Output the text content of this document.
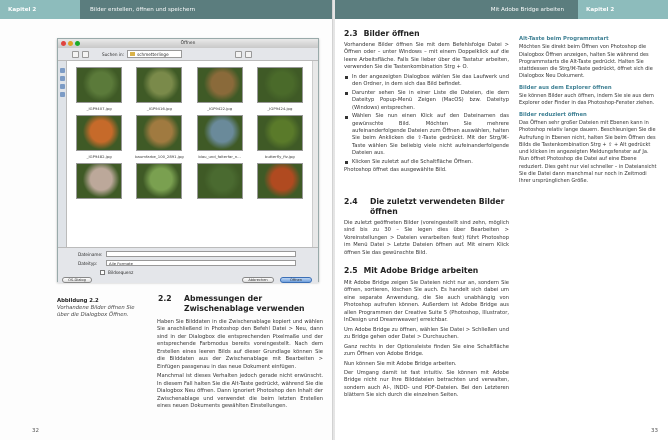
Kapitel 2	Bilder erstellen, öffnen und speichern
Öffnen
Suchen in:	schmetterlinge
_IGP9407.jpg	_IGP9416.jpg	_IGP9422.jpg	_IGP9424.jpg
_IGP9482.jpg	baumfarbe_100_2891.jpg	blau_und_falterfar_n...	butterfly_fiv.jpg
Dateiname:
Dateityp:	Alle Formate
Bildsequenz
OS-Dialog	Abbrechen	Öffnen
Abbildung 2.2
Vorhandene Bilder öffnen Sie über die Dialogbox Öffnen.
2.2	Abmessungen der Zwischenablage verwenden

Haben Sie Bilddaten in die Zwischenablage kopiert und wählen Sie anschließend in Photoshop den Befehl Datei > Neu, dann sind in der Dialogbox die entsprechenden Pixelmaße und der entsprechende Farbmodus bereits voreingestellt. Nach dem Erstellen eines leeren Bilds auf dieser Grundlage können Sie die Bilddaten aus der Zwischenablage mit Bearbeiten > Einfügen passgenau in das neue Dokument einfügen.

Manchmal ist dieses Verhalten jedoch gerade nicht erwünscht. In diesem Fall halten Sie die Alt-Taste gedrückt, während Sie die Dialogbox Neu öffnen. Dann ignoriert Photoshop den Inhalt der Zwischenablage und verwendet die beim letzten Erstellen eines neuen Dokuments gewählten Einstellungen.

32
Mit Adobe Bridge arbeiten	Kapitel 2
2.3 Bilder öffnen

Vorhandene Bilder öffnen Sie mit dem Befehlsfolge Datei > Öffnen oder – unter Windows – mit einem Doppelklick auf die leere Arbeitsfläche. Falls Sie lieber über die Tastatur arbeiten, verwenden Sie die Tastenkombination Strg + O.

In der angezeigten Dialogbox wählen Sie das Laufwerk und den Ordner, in dem sich das Bild befindet.
Darunter sehen Sie in einer Liste die Dateien, die dem Dateityp Popup-Menü Zeigen (MacOS) bzw. Dateityp (Windows) entsprechen.
Wählen Sie nun einen Klick auf den Dateinamen das gewünschte Bild. Möchten Sie mehrere aufeinanderfolgende Dateien zum Öffnen auswählen, halten Sie beim Anklicken die ⇧-Taste gedrückt. Mit der Strg/⌘-Taste wählen Sie beliebig viele nicht aufeinanderfolgende Dateien aus.
Klicken Sie zuletzt auf die Schaltfläche Öffnen.

Photoshop öffnet das ausgewählte Bild.

2.4	Die zuletzt verwendeten Bilder öffnen

Die zuletzt geöffneten Bilder (voreingestellt sind zehn, möglich sind bis zu 30 – Sie legen dies über Bearbeiten > Voreinstellungen > Dateien verarbeiten fest) führt Photoshop im Menü Datei > Letzte Dateien öffnen auf. Mit einem Klick öffnen Sie das gewünschte Bild.

2.5 Mit Adobe Bridge arbeiten

Mit Adobe Bridge zeigen Sie Dateien nicht nur an, sondern Sie öffnen, sortieren, löschen Sie auch. Es handelt sich dabei um eine separate Anwendung, die Sie auch unabhängig von Photoshop aufrufen können. Außerdem ist Adobe Bridge aus allen Programmen der Creative Suite 5 (Photoshop, Illustrator, InDesign und Dreamweaver) erreichbar.

Um Adobe Bridge zu öffnen, wählen Sie Datei > Schließen und zu Bridge gehen oder Datei > Durchsuchen.

Ganz rechts in der Optionsleiste finden Sie eine Schaltfläche zum Öffnen von Adobe Bridge.

Nun können Sie mit Adobe Bridge arbeiten.

Der Umgang damit ist fast intuitiv. Sie können mit Adobe Bridge nicht nur Ihre Bilddateien betrachten und verwalten, sondern auch AI-, INDD- und PDF-Dateien. Bei den Letzteren blättern Sie sich durch die einzelnen Seiten.

Alt-Taste beim Programmstart

Möchten Sie direkt beim Öffnen von Photoshop die Dialogbox Öffnen anzeigen, halten Sie während des Programmstarts die Alt-Taste gedrückt. Halten Sie stattdessen die Strg/⌘-Taste gedrückt, öffnet sich die Dialogbox Neu Dokument.

Bilder aus dem Explorer öffnen

Sie können Bilder auch öffnen, indem Sie sie aus dem Explorer oder Finder in das Photoshop-Fenster ziehen.

Bilder reduziert öffnen

Das Öffnen sehr großer Dateien mit Ebenen kann in Photoshop relativ lange dauern. Beschleunigen Sie die Aufrufung in Ebenen nicht, halten Sie beim Öffnen des Bilds die Tastenkombination Strg + ⇧ + Alt gedrückt und klicken im angezeigten Meldungsfenster auf Ja. Nun öffnet Photoshop die Datei auf eine Ebene reduziert. Dies geht nur viel schneller – in Dateiansicht Sie die Datei dann manchmal nur noch in Zeitmodi Ihrer ursprünglichen Größe.

33
